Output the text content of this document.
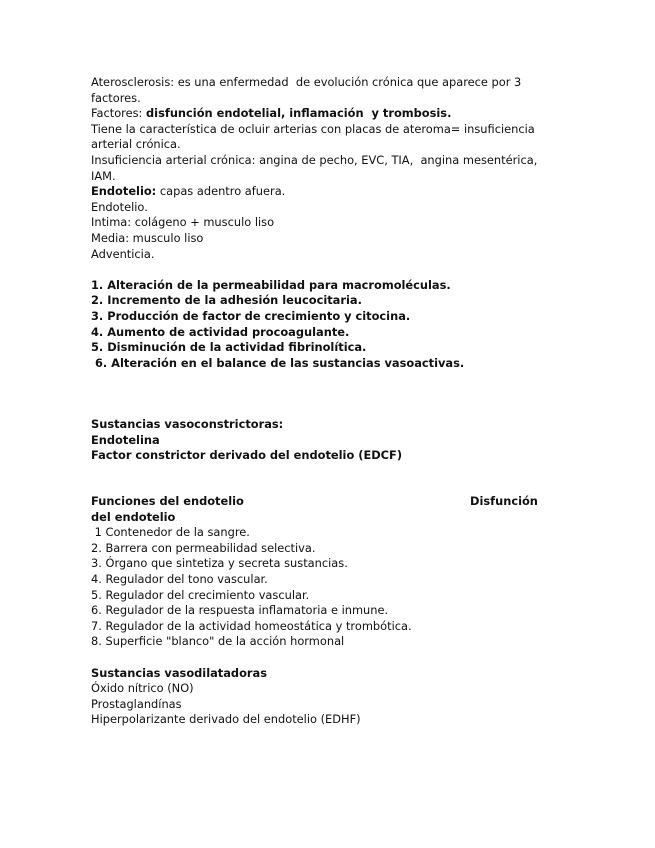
Aterosclerosis: es una enfermedad  de evolución crónica que aparece por 3
factores.
Factores: disfunción endotelial, inflamación  y trombosis.
Tiene la característica de ocluir arterias con placas de ateroma= insuficiencia
arterial crónica.
Insuficiencia arterial crónica: angina de pecho, EVC, TIA,  angina mesentérica,
IAM.
Endotelio: capas adentro afuera.
Endotelio.
Intima: colágeno + musculo liso
Media: musculo liso
Adventicia.
1. Alteración de la permeabilidad para macromoléculas.
2. Incremento de la adhesión leucocitaria.
3. Producción de factor de crecimiento y citocina.
4. Aumento de actividad procoagulante.
5. Disminución de la actividad fibrinolítica.
6. Alteración en el balance de las sustancias vasoactivas.
Sustancias vasoconstrictoras:
Endotelina
Factor constrictor derivado del endotelio (EDCF)
Funciones del endotelio	Disfunción
del endotelio
1 Contenedor de la sangre.
2. Barrera con permeabilidad selectiva.
3. Órgano que sintetiza y secreta sustancias.
4. Regulador del tono vascular.
5. Regulador del crecimiento vascular.
6. Regulador de la respuesta inflamatoria e inmune.
7. Regulador de la actividad homeostática y trombótica.
8. Superficie "blanco" de la acción hormonal
Sustancias vasodilatadoras
Óxido nítrico (NO)
Prostaglandínas
Hiperpolarizante derivado del endotelio (EDHF)
